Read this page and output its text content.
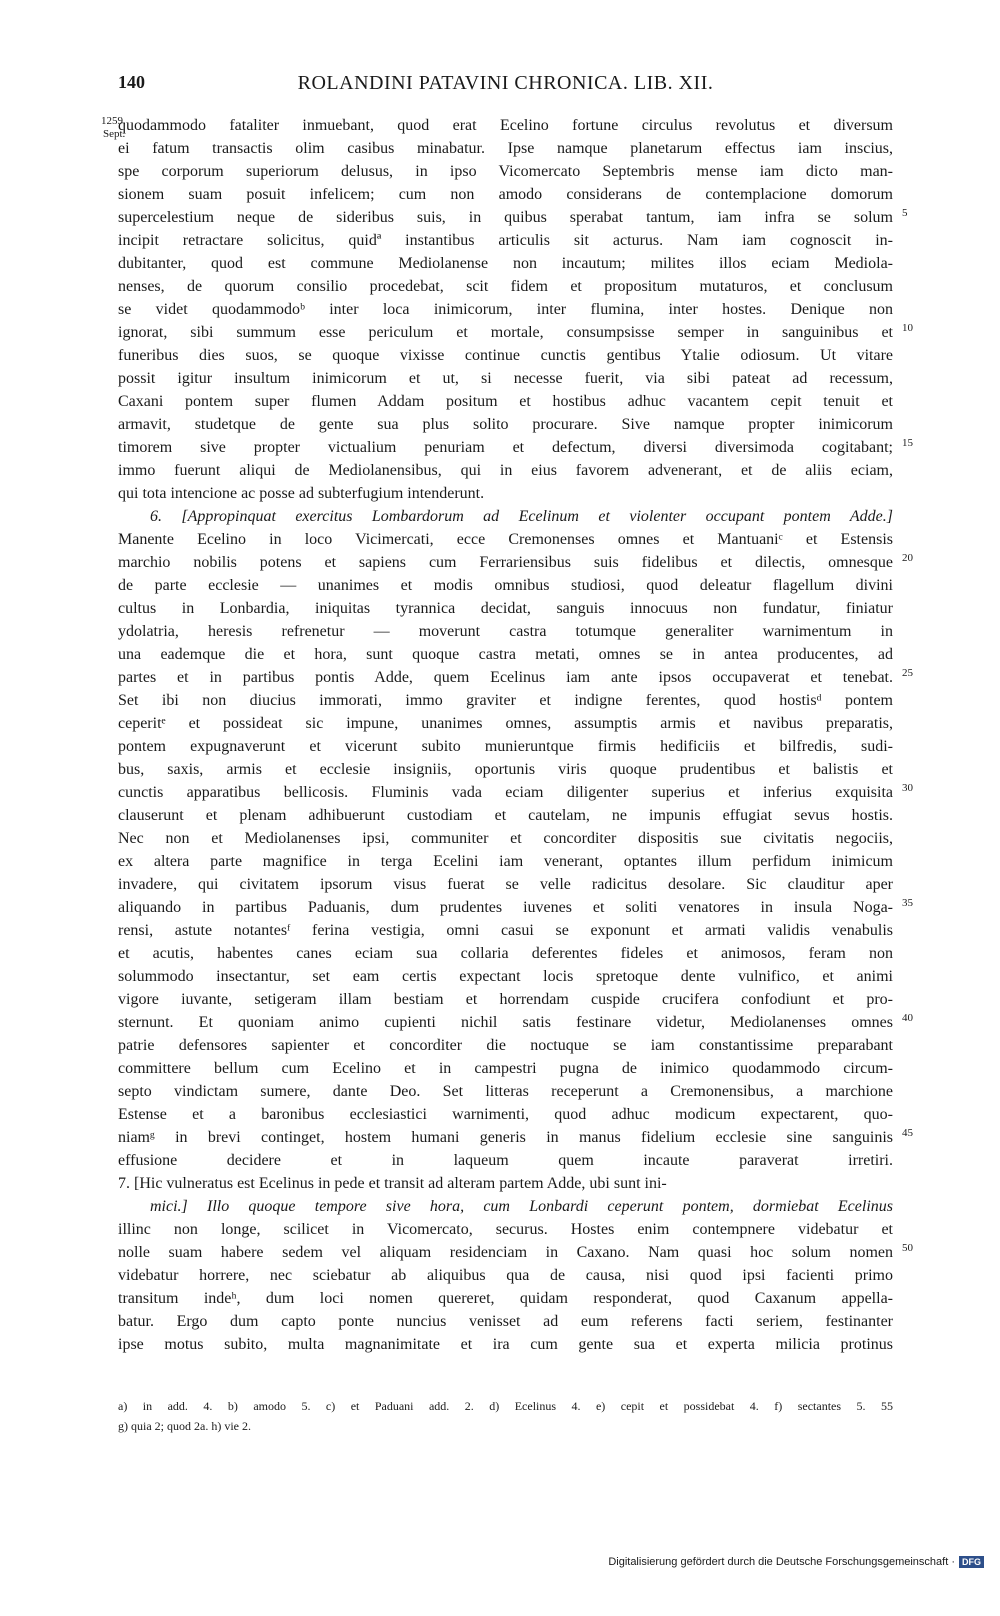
140	ROLANDINI PATAVINI CHRONICA. LIB. XII.
1259.
Sept.
quodammodo fataliter inmuebant, quod erat Ecelino fortune circulus revolutus et diversum
ei fatum transactis olim casibus minabatur. Ipse namque planetarum effectus iam inscius,
spe corporum superiorum delusus, in ipso Vicomercato Septembris mense iam dicto man-
sionem suam posuit infelicem; cum non amodo considerans de contemplacione domorum
supercelestium neque de sideribus suis, in quibus sperabat tantum, iam infra se solum
incipit retractare solicitus, quidª instantibus articulis sit acturus. Nam iam cognoscit in-
dubitanter, quod est commune Mediolanense non incautum; milites illos eciam Mediola-
nenses, de quorum consilio procedebat, scit fidem et propositum mutaturos, et conclusum
se videt quodammodoᵇ inter loca inimicorum, inter flumina, inter hostes. Denique non
ignorat, sibi summum esse periculum et mortale, consumpsisse semper in sanguinibus et
funeribus dies suos, se quoque vixisse continue cunctis gentibus Ytalie odiosum. Ut vitare
possit igitur insultum inimicorum et ut, si necesse fuerit, via sibi pateat ad recessum,
Caxani pontem super flumen Addam positum et hostibus adhuc vacantem cepit tenuit et
armavit, studetque de gente sua plus solito procurare. Sive namque propter inimicorum
timorem sive propter victualium penuriam et defectum, diversi diversimoda cogitabant;
immo fuerunt aliqui de Mediolanensibus, qui in eius favorem advenerant, et de aliis eciam,
qui tota intencione ac posse ad subterfugium intenderunt.
6. [Appropinquat exercitus Lombardorum ad Ecelinum et violenter occupant pontem Adde.]
Manente Ecelino in loco Vicimercati, ecce Cremonenses omnes et Mantuaniᶜ et Estensis
marchio nobilis potens et sapiens cum Ferrariensibus suis fidelibus et dilectis, omnesque
de parte ecclesie — unanimes et modis omnibus studiosi, quod deleatur flagellum divini
cultus in Lonbardia, iniquitas tyrannica decidat, sanguis innocuus non fundatur, finiatur
ydolatria, heresis refrenetur — moverunt castra totumque generaliter warnimentum in
una eademque die et hora, sunt quoque castra metati, omnes se in antea producentes, ad
partes et in partibus pontis Adde, quem Ecelinus iam ante ipsos occupaverat et tenebat.
Set ibi non diucius immorati, immo graviter et indigne ferentes, quod hostisᵈ pontem
ceperitᵉ et possideat sic impune, unanimes omnes, assumptis armis et navibus preparatis,
pontem expugnaverunt et vicerunt subito munieruntque firmis hedificiis et bilfredis, sudi-
bus, saxis, armis et ecclesie insigniis, oportunis viris quoque prudentibus et balistis et
cunctis apparatibus bellicosis. Fluminis vada eciam diligenter superius et inferius exquisita
clauserunt et plenam adhibuerunt custodiam et cautelam, ne impunis effugiat sevus hostis.
Nec non et Mediolanenses ipsi, communiter et concorditer dispositis sue civitatis negociis,
ex altera parte magnifice in terga Ecelini iam venerant, optantes illum perfidum inimicum
invadere, qui civitatem ipsorum visus fuerat se velle radicitus desolare. Sic clauditur aper
aliquando in partibus Paduanis, dum prudentes iuvenes et soliti venatores in insula Noga-
rensi, astute notantesᶠ ferina vestigia, omni casui se exponunt et armati validis venabulis
et acutis, habentes canes eciam sua collaria deferentes fideles et animosos, feram non
solummodo insectantur, set eam certis expectant locis spretoque dente vulnifico, et animi
vigore iuvante, setigeram illam bestiam et horrendam cuspide crucifera confodiunt et pro-
sternunt. Et quoniam animo cupienti nichil satis festinare videtur, Mediolanenses omnes
patrie defensores sapienter et concorditer die noctuque se iam constantissime preparabant
committere bellum cum Ecelino et in campestri pugna de inimico quodammodo circum-
septo vindictam sumere, dante Deo. Set litteras receperunt a Cremonensibus, a marchione
Estense et a baronibus ecclesiastici warnimenti, quod adhuc modicum expectarent, quo-
niamᵍ in brevi continget, hostem humani generis in manus fidelium ecclesie sine sanguinis
effusione decidere et in laqueum quem incaute paraverat irretiri.
7. [Hic vulneratus est Ecelinus in pede et transit ad alteram partem Adde, ubi sunt ini-
mici.] Illo quoque tempore sive hora, cum Lonbardi ceperunt pontem, dormiebat Ecelinus
illinc non longe, scilicet in Vicomercato, securus. Hostes enim contempnere videbatur et
nolle suam habere sedem vel aliquam residenciam in Caxano. Nam quasi hoc solum nomen
videbatur horrere, nec sciebatur ab aliquibus qua de causa, nisi quod ipsi facienti primo
transitum indeʰ, dum loci nomen quereret, quidam responderat, quod Caxanum appella-
batur. Ergo dum capto ponte nuncius venisset ad eum referens facti seriem, festinanter
ipse motus subito, multa magnanimitate et ira cum gente sua et experta milicia protinus
5
10
15
20
25
30
35
40
45
50
a) in add. 4. b) amodo 5. c) et Paduani add. 2. d) Ecelinus 4. e) cepit et possidebat 4. f) sectantes 5. 55
g) quia 2; quod 2a. h) vie 2.
Digitalisierung gefördert durch die Deutsche Forschungsgemeinschaft · DFG
